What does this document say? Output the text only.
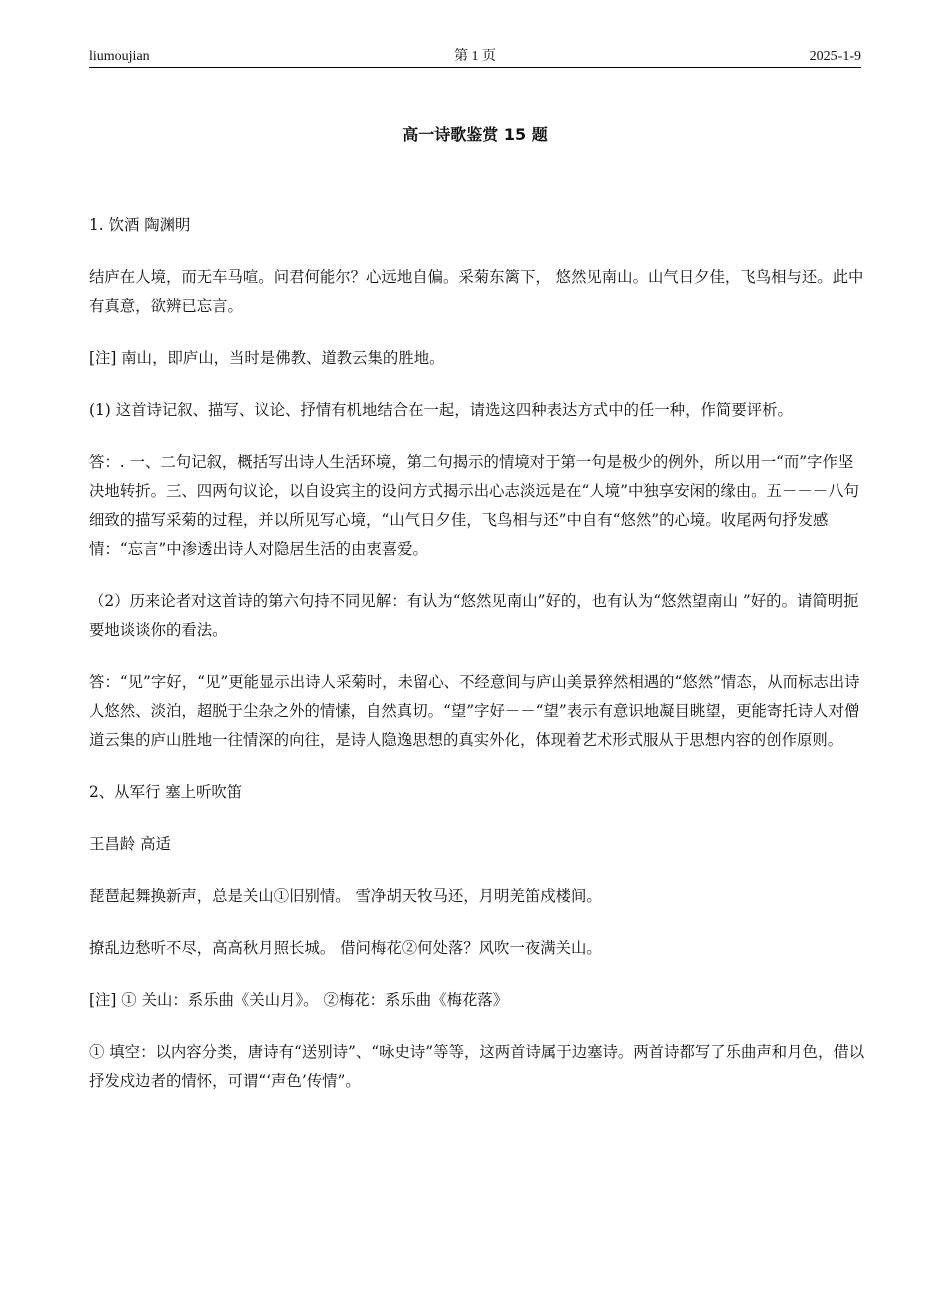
liumoujian	第 1 页	2025-1-9
高一诗歌鉴赏 15 题

1. 饮酒 陶渊明

结庐在人境，而无车马喧。问君何能尔？心远地自偏。采菊东篱下， 悠然见南山。山气日夕佳，飞鸟相与还。此中有真意，欲辨已忘言。

[注] 南山，即庐山，当时是佛教、道教云集的胜地。

(1) 这首诗记叙、描写、议论、抒情有机地结合在一起，请选这四种表达方式中的任一种，作简要评析。

答：. 一、二句记叙，概括写出诗人生活环境，第二句揭示的情境对于第一句是极少的例外，所以用一“而”字作坚决地转折。三、四两句议论，以自设宾主的设问方式揭示出心志淡远是在“人境”中独享安闲的缘由。五－－－八句细致的描写采菊的过程，并以所见写心境，“山气日夕佳，飞鸟相与还”中自有“悠然”的心境。收尾两句抒发感情：“忘言”中渗透出诗人对隐居生活的由衷喜爱。

（2）历来论者对这首诗的第六句持不同见解：有认为“悠然见南山”好的，也有认为“悠然望南山 ”好的。请简明扼要地谈谈你的看法。

答：“见”字好，“见”更能显示出诗人采菊时，未留心、不经意间与庐山美景猝然相遇的“悠然”情态，从而标志出诗人悠然、淡泊，超脱于尘杂之外的情愫，自然真切。“望”字好－－“望”表示有意识地凝目眺望，更能寄托诗人对僧道云集的庐山胜地一往情深的向往，是诗人隐逸思想的真实外化，体现着艺术形式服从于思想内容的创作原则。

2、从军行 塞上听吹笛

王昌龄 高适

琵琶起舞换新声，总是关山①旧别情。 雪净胡天牧马还，月明羌笛戍楼间。

撩乱边愁听不尽，高高秋月照长城。 借问梅花②何处落？风吹一夜满关山。

[注] ① 关山：系乐曲《关山月》。 ②梅花：系乐曲《梅花落》

① 填空：以内容分类，唐诗有“送别诗”、“咏史诗”等等，这两首诗属于边塞诗。两首诗都写了乐曲声和月色，借以抒发戍边者的情怀，可谓“‘声色’传情”。
